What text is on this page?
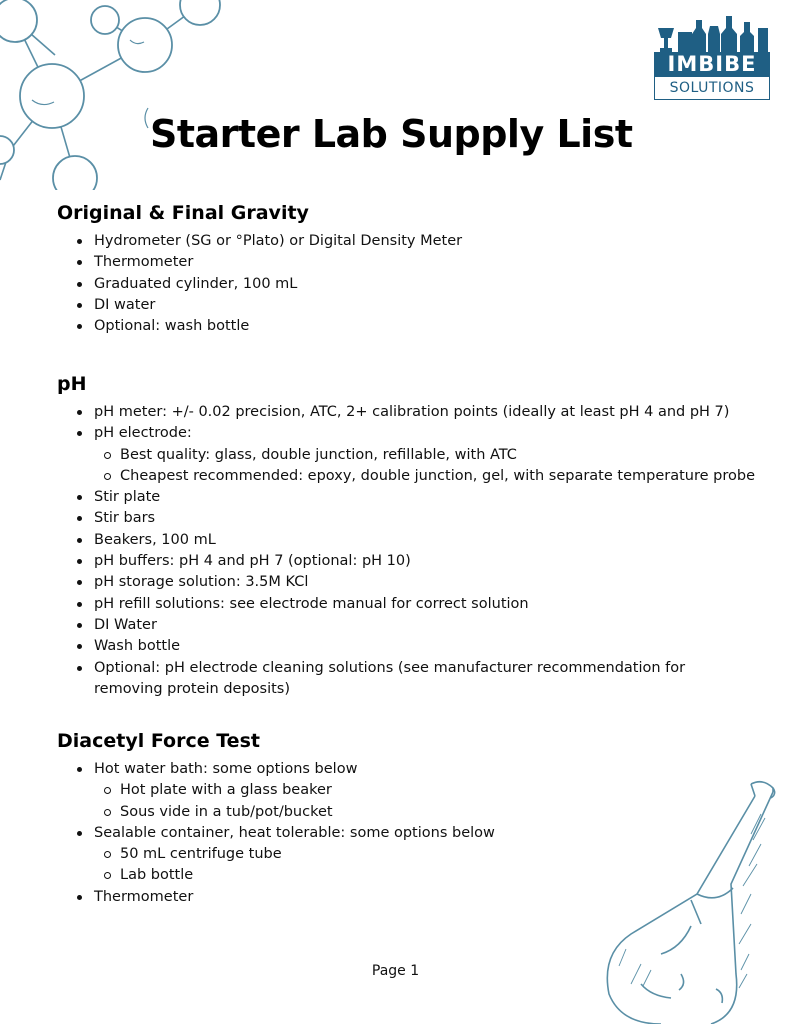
IMBIBE
SOLUTIONS
Starter Lab Supply List
Original & Final Gravity
Hydrometer (SG or °Plato) or Digital Density Meter
Thermometer
Graduated cylinder, 100 mL
DI water
Optional: wash bottle
pH
pH meter: +/- 0.02 precision, ATC, 2+ calibration points (ideally at least pH 4 and pH 7)
pH electrode:
Best quality: glass, double junction, refillable, with ATC
Cheapest recommended: epoxy, double junction, gel, with separate temperature probe
Stir plate
Stir bars
Beakers, 100 mL
pH buffers: pH 4 and pH 7 (optional: pH 10)
pH storage solution: 3.5M KCl
pH refill solutions: see electrode manual for correct solution
DI Water
Wash bottle
Optional: pH electrode cleaning solutions (see manufacturer recommendation for removing protein deposits)
Diacetyl Force Test
Hot water bath: some options below
Hot plate with a glass beaker
Sous vide in a tub/pot/bucket
Sealable container, heat tolerable: some options below
50 mL centrifuge tube
Lab bottle
Thermometer
Page 1
